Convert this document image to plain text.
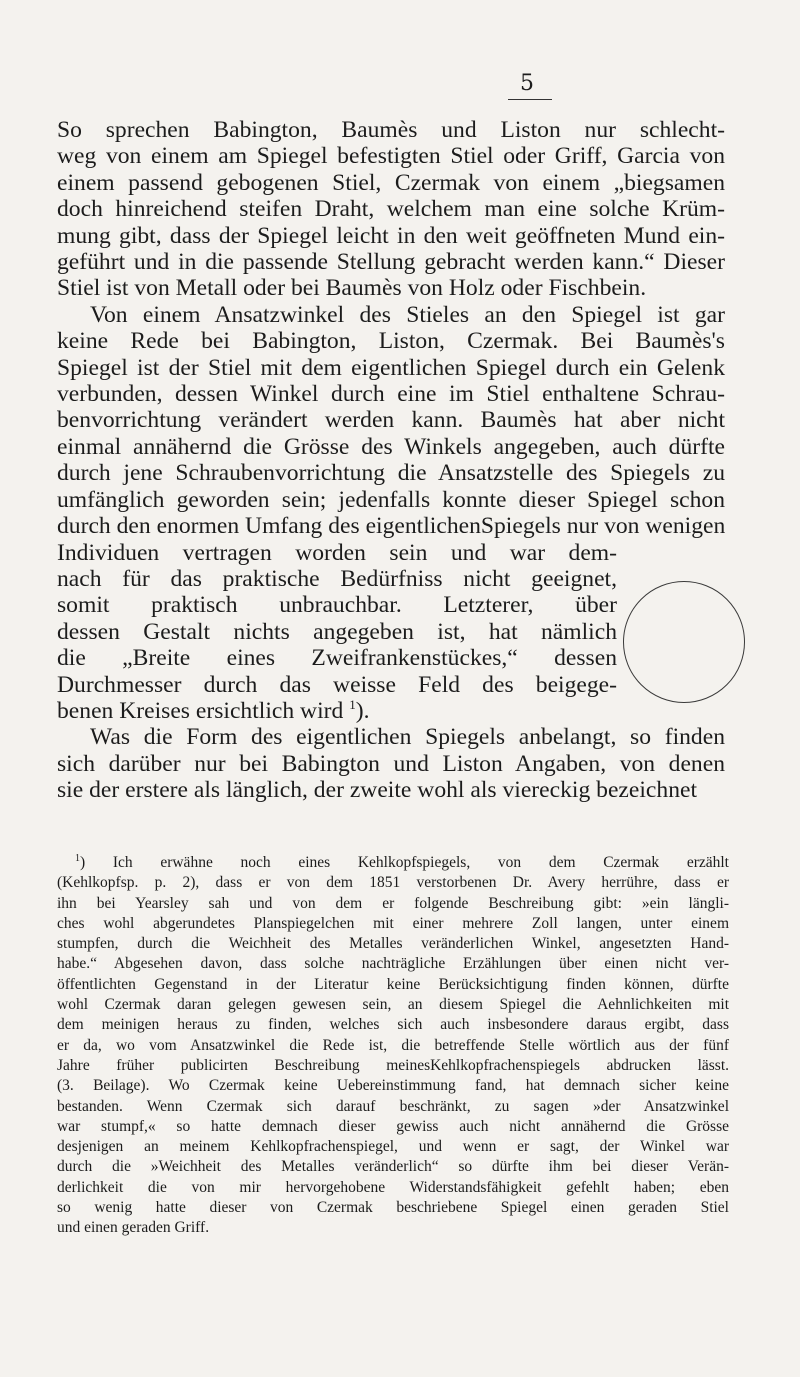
5
So sprechen Babington, Baumès und Liston nur schlecht-
weg von einem am Spiegel befestigten Stiel oder Griff, Garcia von
einem passend gebogenen Stiel, Czermak von einem „biegsamen
doch hinreichend steifen Draht, welchem man eine solche Krüm-
mung gibt, dass der Spiegel leicht in den weit geöffneten Mund ein-
geführt und in die passende Stellung gebracht werden kann.“ Dieser
Stiel ist von Metall oder bei Baumès von Holz oder Fischbein.
Von einem Ansatzwinkel des Stieles an den Spiegel ist gar
keine Rede bei Babington, Liston, Czermak. Bei Baumès's
Spiegel ist der Stiel mit dem eigentlichen Spiegel durch ein Gelenk
verbunden, dessen Winkel durch eine im Stiel enthaltene Schrau-
benvorrichtung verändert werden kann. Baumès hat aber nicht
einmal annähernd die Grösse des Winkels angegeben, auch dürfte
durch jene Schraubenvorrichtung die Ansatzstelle des Spiegels zu
umfänglich geworden sein; jedenfalls konnte dieser Spiegel schon
durch den enormen Umfang des eigentlichenSpiegels nur von wenigen
Individuen vertragen worden sein und war dem-
nach für das praktische Bedürfniss nicht geeignet,
somit praktisch unbrauchbar. Letzterer, über
dessen Gestalt nichts angegeben ist, hat nämlich
die „Breite eines Zweifrankenstückes,“ dessen
Durchmesser durch das weisse Feld des beigege-
benen Kreises ersichtlich wird $^1$).
Was die Form des eigentlichen Spiegels anbelangt, so finden
sich darüber nur bei Babington und Liston Angaben, von denen
sie der erstere als länglich, der zweite wohl als viereckig bezeichnet
$^1$) Ich erwähne noch eines Kehlkopfspiegels, von dem Czermak erzählt
(Kehlkopfsp. p. 2), dass er von dem 1851 verstorbenen Dr. Avery herrühre, dass er
ihn bei Yearsley sah und von dem er folgende Beschreibung gibt: »ein längli-
ches wohl abgerundetes Planspiegelchen mit einer mehrere Zoll langen, unter einem
stumpfen, durch die Weichheit des Metalles veränderlichen Winkel, angesetzten Hand-
habe.“ Abgesehen davon, dass solche nachträgliche Erzählungen über einen nicht ver-
öffentlichten Gegenstand in der Literatur keine Berücksichtigung finden können, dürfte
wohl Czermak daran gelegen gewesen sein, an diesem Spiegel die Aehnlichkeiten mit
dem meinigen heraus zu finden, welches sich auch insbesondere daraus ergibt, dass
er da, wo vom Ansatzwinkel die Rede ist, die betreffende Stelle wörtlich aus der fünf
Jahre früher publicirten Beschreibung meinesKehlkopfrachenspiegels abdrucken lässt.
(3. Beilage). Wo Czermak keine Uebereinstimmung fand, hat demnach sicher keine
bestanden. Wenn Czermak sich darauf beschränkt, zu sagen »der Ansatzwinkel
war stumpf,« so hatte demnach dieser gewiss auch nicht annähernd die Grösse
desjenigen an meinem Kehlkopfrachenspiegel, und wenn er sagt, der Winkel war
durch die »Weichheit des Metalles veränderlich“ so dürfte ihm bei dieser Verän-
derlichkeit die von mir hervorgehobene Widerstandsfähigkeit gefehlt haben; eben
so wenig hatte dieser von Czermak beschriebene Spiegel einen geraden Stiel
und einen geraden Griff.
